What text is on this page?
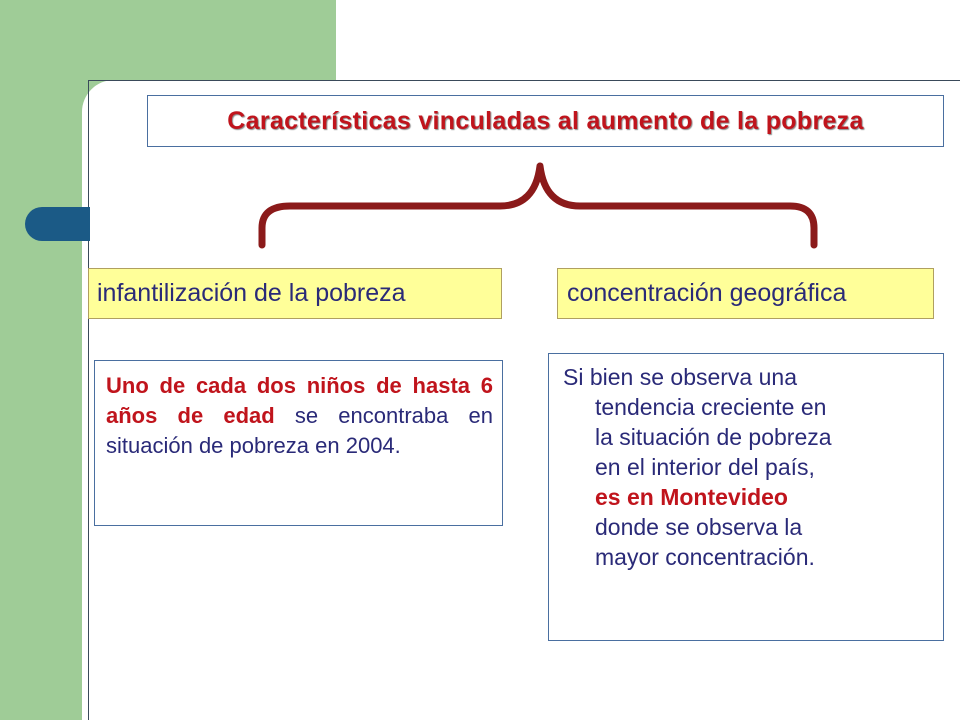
Características vinculadas al aumento de la pobreza
infantilización de la pobreza	concentración geográfica
Uno de cada dos niños de hasta 6 años de edad se encontraba en situación de pobreza en 2004.
Si bien se observa una
tendencia creciente en
la situación de pobreza
en el interior del país,
es en Montevideo
donde se observa la
mayor concentración.
